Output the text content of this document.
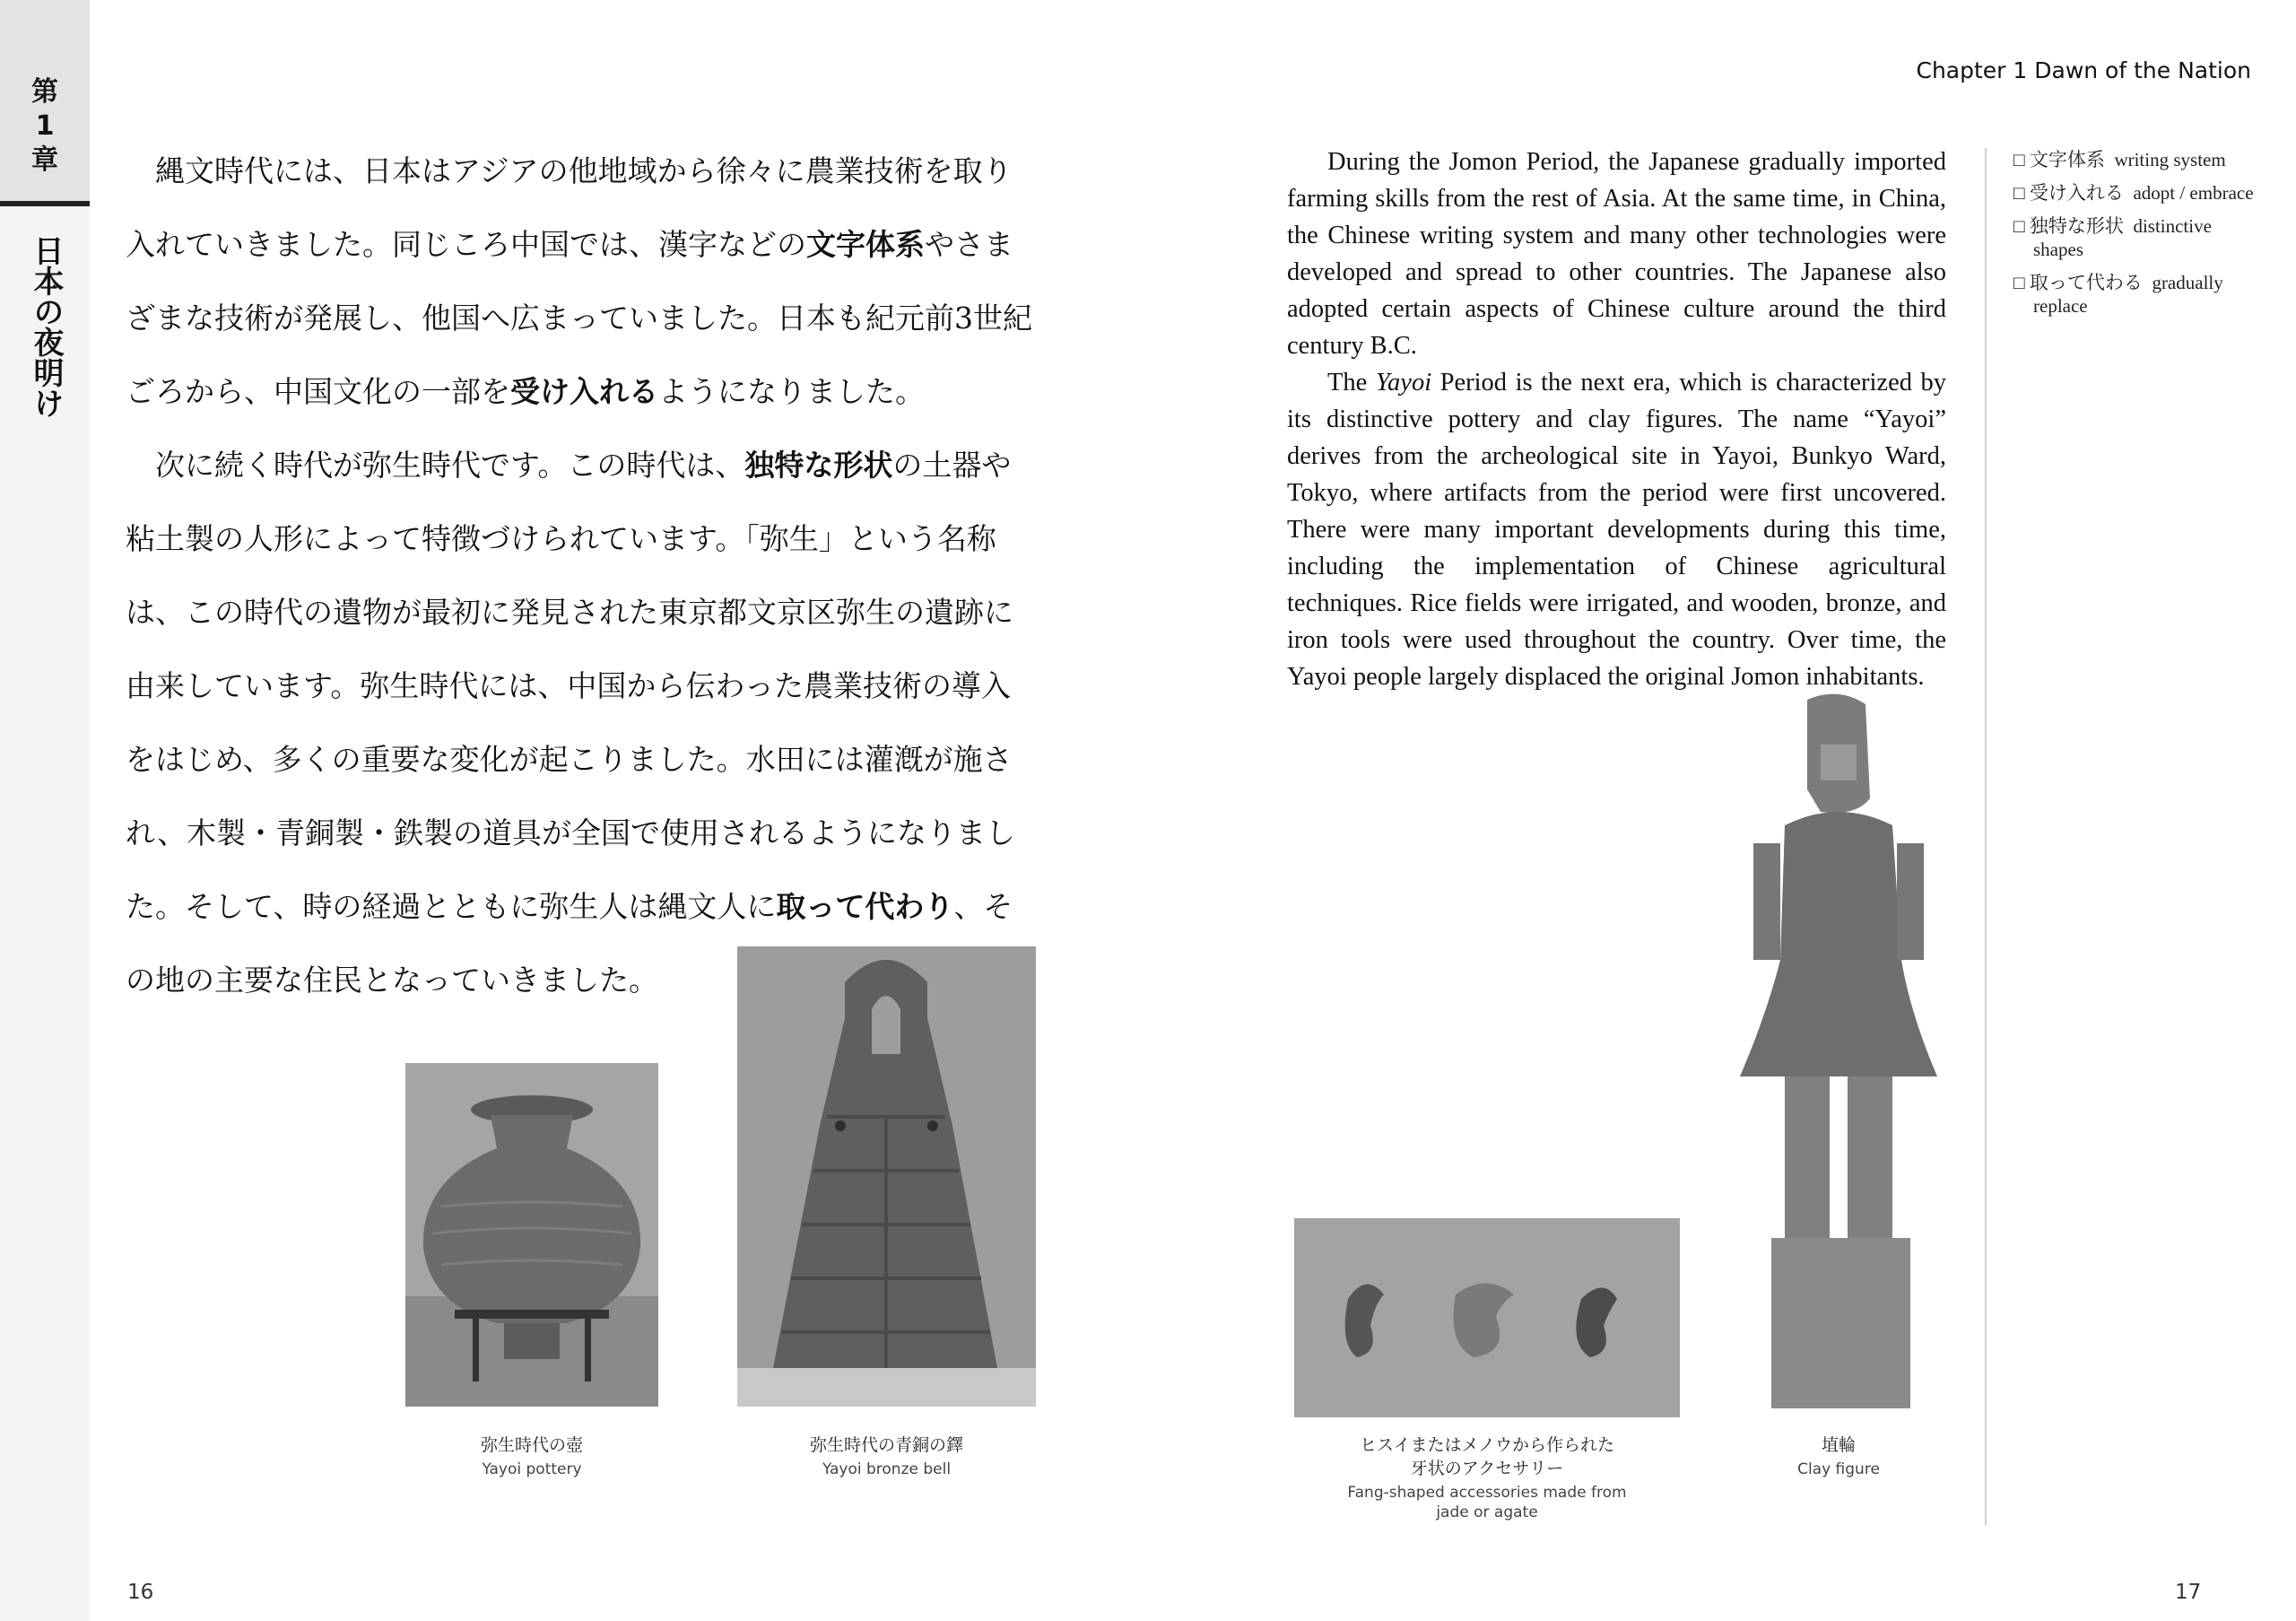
第
1
章
日本の夜明け
Chapter 1 Dawn of the Nation

縄文時代には、日本はアジアの他地域から徐々に農業技術を取り入れていきました。同じころ中国では、漢字などの文字体系やさまざまな技術が発展し、他国へ広まっていました。日本も紀元前3世紀ごろから、中国文化の一部を受け入れるようになりました。

次に続く時代が弥生時代です。この時代は、独特な形状の土器や粘土製の人形によって特徴づけられています。「弥生」という名称は、この時代の遺物が最初に発見された東京都文京区弥生の遺跡に由来しています。弥生時代には、中国から伝わった農業技術の導入をはじめ、多くの重要な変化が起こりました。水田には灌漑が施され、木製・青銅製・鉄製の道具が全国で使用されるようになりました。そして、時の経過とともに弥生人は縄文人に取って代わり、その地の主要な住民となっていきました。

During the Jomon Period, the Japanese gradually imported farming skills from the rest of Asia. At the same time, in China, the Chinese writing system and many other technologies were developed and spread to other countries. The Japanese also adopted certain aspects of Chinese culture around the third century B.C.

The Yayoi Period is the next era, which is characterized by its distinctive pottery and clay figures. The name “Yayoi” derives from the archeological site in Yayoi, Bunkyo Ward, Tokyo, where artifacts from the period were first uncovered. There were many important developments during this time, including the implementation of Chinese agricultural techniques. Rice fields were irrigated, and wooden, bronze, and iron tools were used throughout the country. Over time, the Yayoi people largely displaced the original Jomon inhabitants.

□ 文字体系 writing system
□ 受け入れる adopt / embrace
□ 独特な形状 distinctive shapes
□ 取って代わる gradually replace
弥生時代の壺
Yayoi pottery
弥生時代の青銅の鐸
Yayoi bronze bell
ヒスイまたはメノウから作られた
牙状のアクセサリー
Fang-shaped accessories made from
jade or agate
埴輪
Clay figure
16	17
